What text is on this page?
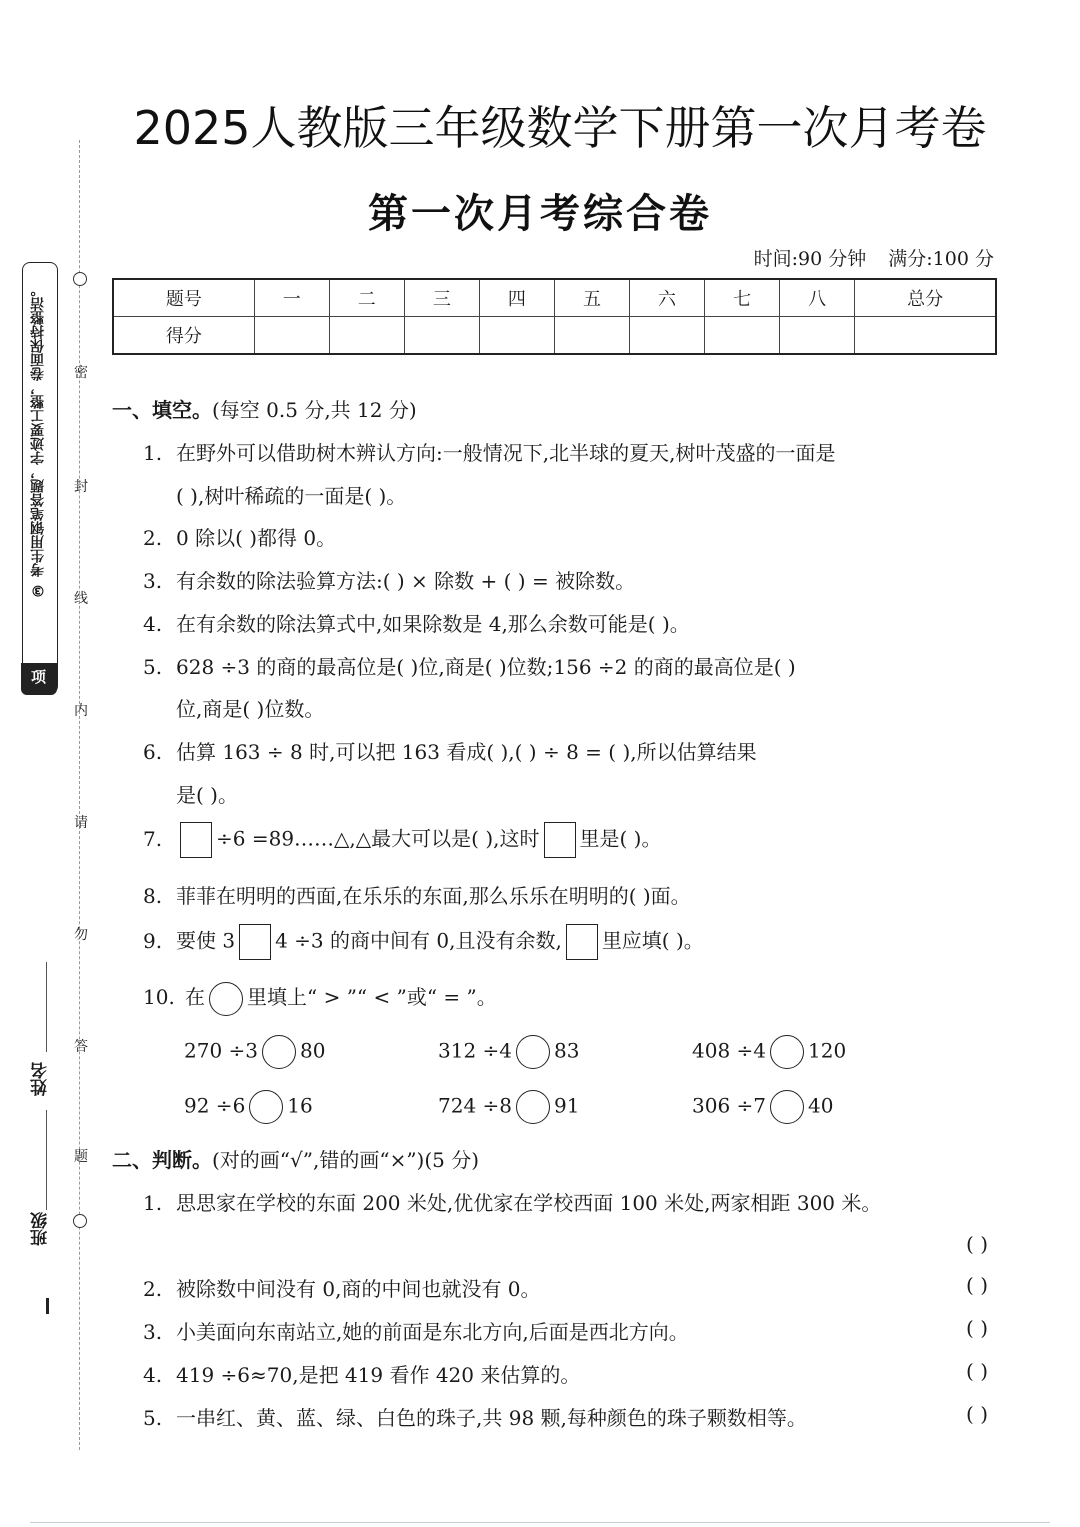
③ 考生用钢笔答题，字迹要工整，卷面保持整洁。
项
密
封
线
内
请
勿
答
题
姓名
班级
2025人教版三年级数学下册第一次月考卷
第一次月考综合卷
时间:90 分钟 满分:100 分
题号	一	二	三	四	五	六	七	八	总分
得分									
一、填空。(每空 0.5 分,共 12 分)
1. 在野外可以借助树木辨认方向:一般情况下,北半球的夏天,树叶茂盛的一面是
( ),树叶稀疏的一面是( )。
2. 0 除以( )都得 0。
3. 有余数的除法验算方法:( ) × 除数 + ( ) = 被除数。
4. 在有余数的除法算式中,如果除数是 4,那么余数可能是( )。
5. 628 ÷3 的商的最高位是( )位,商是( )位数;156 ÷2 的商的最高位是( )
位,商是( )位数。
6. 估算 163 ÷ 8 时,可以把 163 看成( ),( ) ÷ 8 = ( ),所以估算结果
是( )。
7.	÷6 =89……△,△最大可以是( ),这时 里是( )。
8. 菲菲在明明的西面,在乐乐的东面,那么乐乐在明明的( )面。
9. 要使 3 4 ÷3 的商中间有 0,且没有余数, 里应填( )。
10. 在 里填上“ > ”“ < ”或“ = ”。
270 ÷3 80	312 ÷4 83	408 ÷4 120
92 ÷6 16	724 ÷8 91	306 ÷7 40
二、判断。(对的画“√”,错的画“×”)(5 分)
1. 思思家在学校的东面 200 米处,优优家在学校西面 100 米处,两家相距 300 米。
( )
2. 被除数中间没有 0,商的中间也就没有 0。	( )
3. 小美面向东南站立,她的前面是东北方向,后面是西北方向。	( )
4. 419 ÷6≈70,是把 419 看作 420 来估算的。	( )
5. 一串红、黄、蓝、绿、白色的珠子,共 98 颗,每种颜色的珠子颗数相等。	( )
